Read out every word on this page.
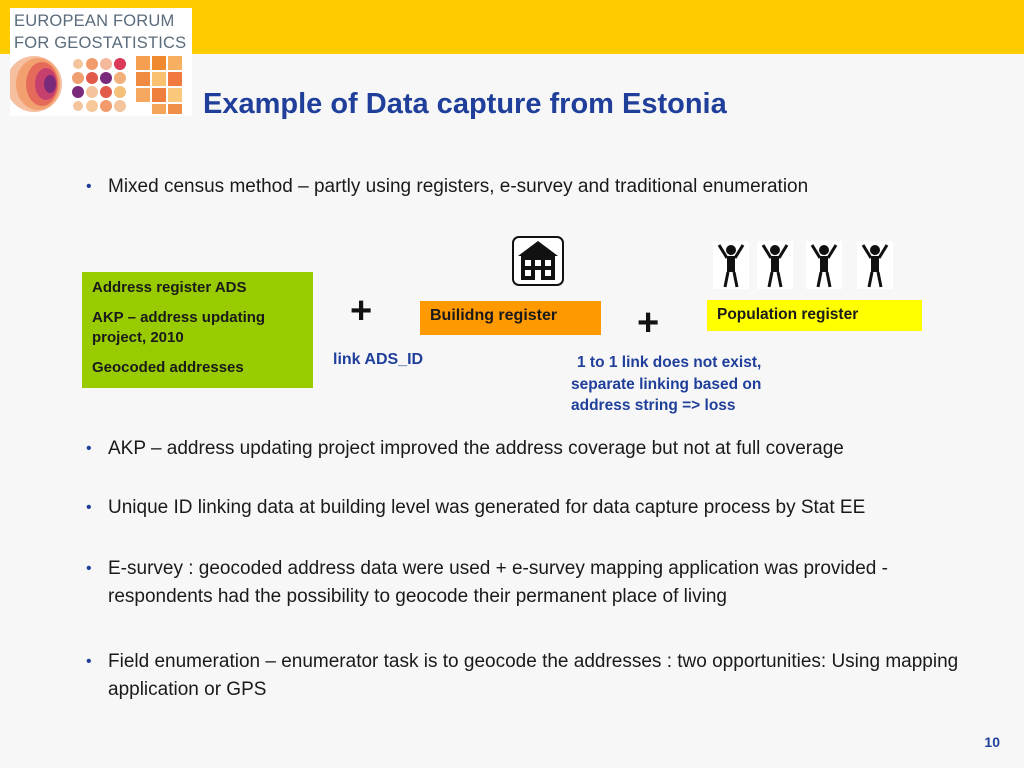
EUROPEAN FORUM
FOR GEOSTATISTICS
Example of Data capture from Estonia
• Mixed census method – partly using registers, e-survey and traditional enumeration
Address register ADS
AKP – address updating project, 2010
Geocoded addresses
+	Builidng register	+	Population register
link ADS_ID	1 to 1 link does not exist,
separate linking based on
address string => loss
• AKP – address updating project improved the address coverage but not at full coverage
• Unique ID linking data at building level was generated for data capture process by Stat EE
• E-survey : geocoded address data were used + e-survey mapping application was provided - respondents had the possibility to geocode their permanent place of living
• Field enumeration – enumerator task is to geocode the addresses : two opportunities: Using mapping application or GPS
10
